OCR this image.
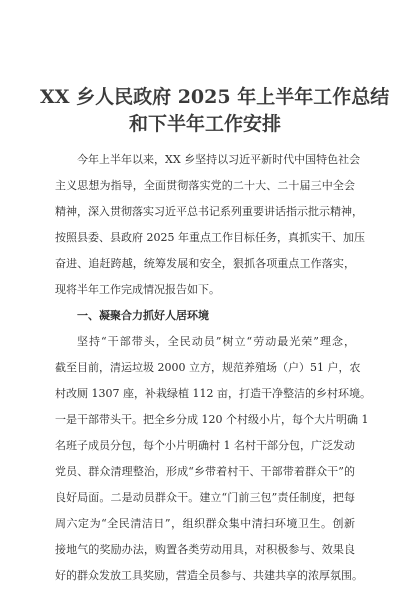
XX 乡人民政府 2025 年上半年工作总结
和下半年工作安排
今年上半年以来，XX 乡坚持以习近平新时代中国特色社会
主义思想为指导，全面贯彻落实党的二十大、二十届三中全会
精神，深入贯彻落实习近平总书记系列重要讲话指示批示精神，
按照县委、县政府 2025 年重点工作目标任务，真抓实干、加压
奋进、追赶跨越，统筹发展和安全，狠抓各项重点工作落实，
现将半年工作完成情况报告如下。
一、凝聚合力抓好人居环境
坚持“干部带头，全民动员”树立“劳动最光荣”理念，
截至目前，清运垃圾 2000 立方，规范养殖场（户）51 户，农
村改厕 1307 座，补栽绿植 112 亩，打造干净整洁的乡村环境。
一是干部带头干。把全乡分成 120 个村级小片，每个大片明确 1
名班子成员分包，每个小片明确村 1 名村干部分包，广泛发动
党员、群众清理整治，形成“乡带着村干、干部带着群众干”的
良好局面。二是动员群众干。建立“门前三包”责任制度，把每
周六定为“全民清洁日”，组织群众集中清扫环境卫生。创新
接地气的奖励办法，购置各类劳动用具，对积极参与、效果良
好的群众发放工具奖励，营造全员参与、共建共享的浓厚氛围。
